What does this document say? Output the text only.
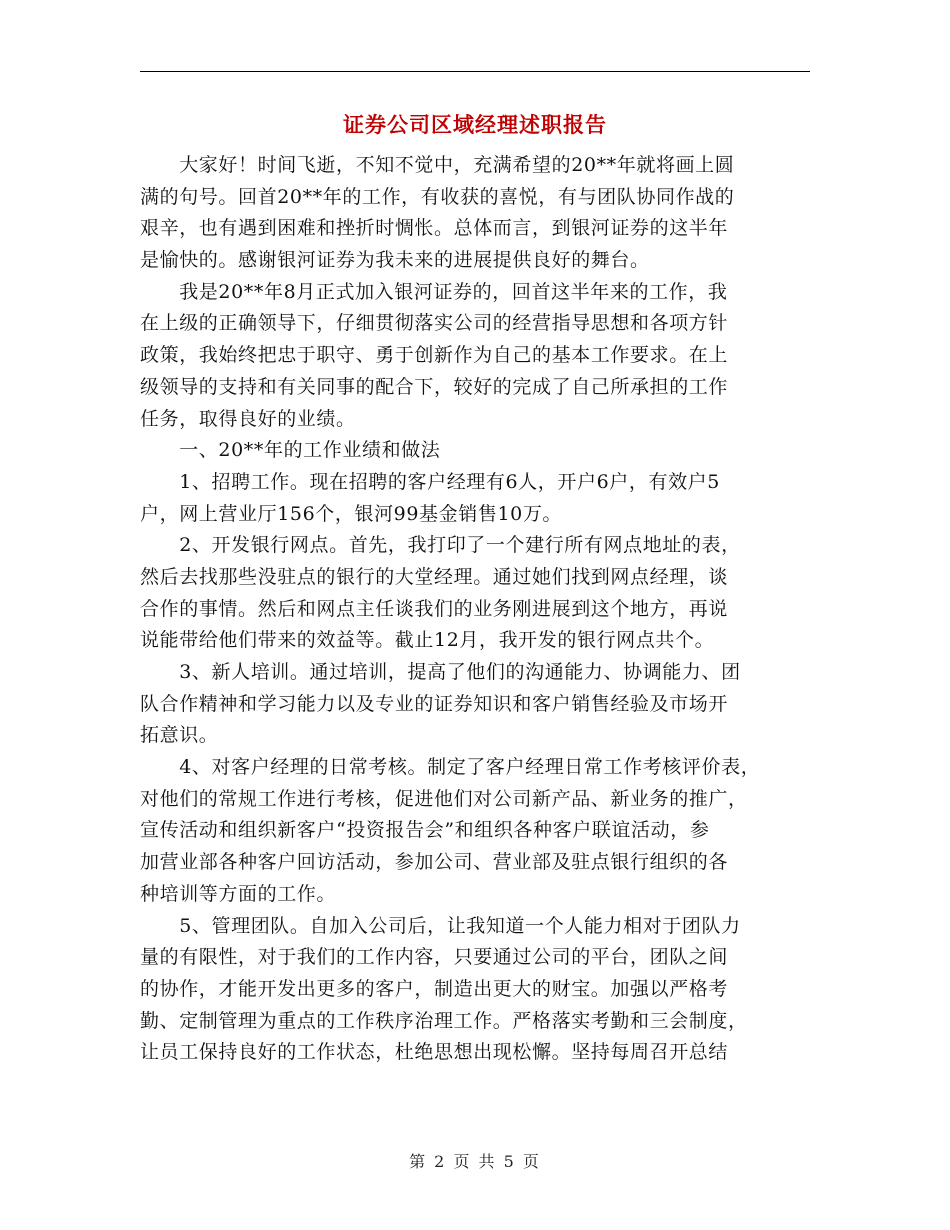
证券公司区域经理述职报告
　　大家好！时间飞逝，不知不觉中，充满希望的20**年就将画上圆
满的句号。回首20**年的工作，有收获的喜悦，有与团队协同作战的
艰辛，也有遇到困难和挫折时惆怅。总体而言，到银河证券的这半年
是愉快的。感谢银河证券为我未来的进展提供良好的舞台。
　　我是20**年8月正式加入银河证券的，回首这半年来的工作，我
在上级的正确领导下，仔细贯彻落实公司的经营指导思想和各项方针
政策，我始终把忠于职守、勇于创新作为自己的基本工作要求。在上
级领导的支持和有关同事的配合下，较好的完成了自己所承担的工作
任务，取得良好的业绩。
　　一、20**年的工作业绩和做法
　　1、招聘工作。现在招聘的客户经理有6人，开户6户，有效户5
户，网上营业厅156个，银河99基金销售10万。
　　2、开发银行网点。首先，我打印了一个建行所有网点地址的表，
然后去找那些没驻点的银行的大堂经理。通过她们找到网点经理，谈
合作的事情。然后和网点主任谈我们的业务刚进展到这个地方，再说
说能带给他们带来的效益等。截止12月，我开发的银行网点共个。
　　3、新人培训。通过培训，提高了他们的沟通能力、协调能力、团
队合作精神和学习能力以及专业的证券知识和客户销售经验及市场开
拓意识。
　　4、对客户经理的日常考核。制定了客户经理日常工作考核评价表，
对他们的常规工作进行考核，促进他们对公司新产品、新业务的推广，
宣传活动和组织新客户“投资报告会”和组织各种客户联谊活动，参
加营业部各种客户回访活动，参加公司、营业部及驻点银行组织的各
种培训等方面的工作。
　　5、管理团队。自加入公司后，让我知道一个人能力相对于团队力
量的有限性，对于我们的工作内容，只要通过公司的平台，团队之间
的协作，才能开发出更多的客户，制造出更大的财宝。加强以严格考
勤、定制管理为重点的工作秩序治理工作。严格落实考勤和三会制度，
让员工保持良好的工作状态，杜绝思想出现松懈。坚持每周召开总结
第 2 页 共 5 页
